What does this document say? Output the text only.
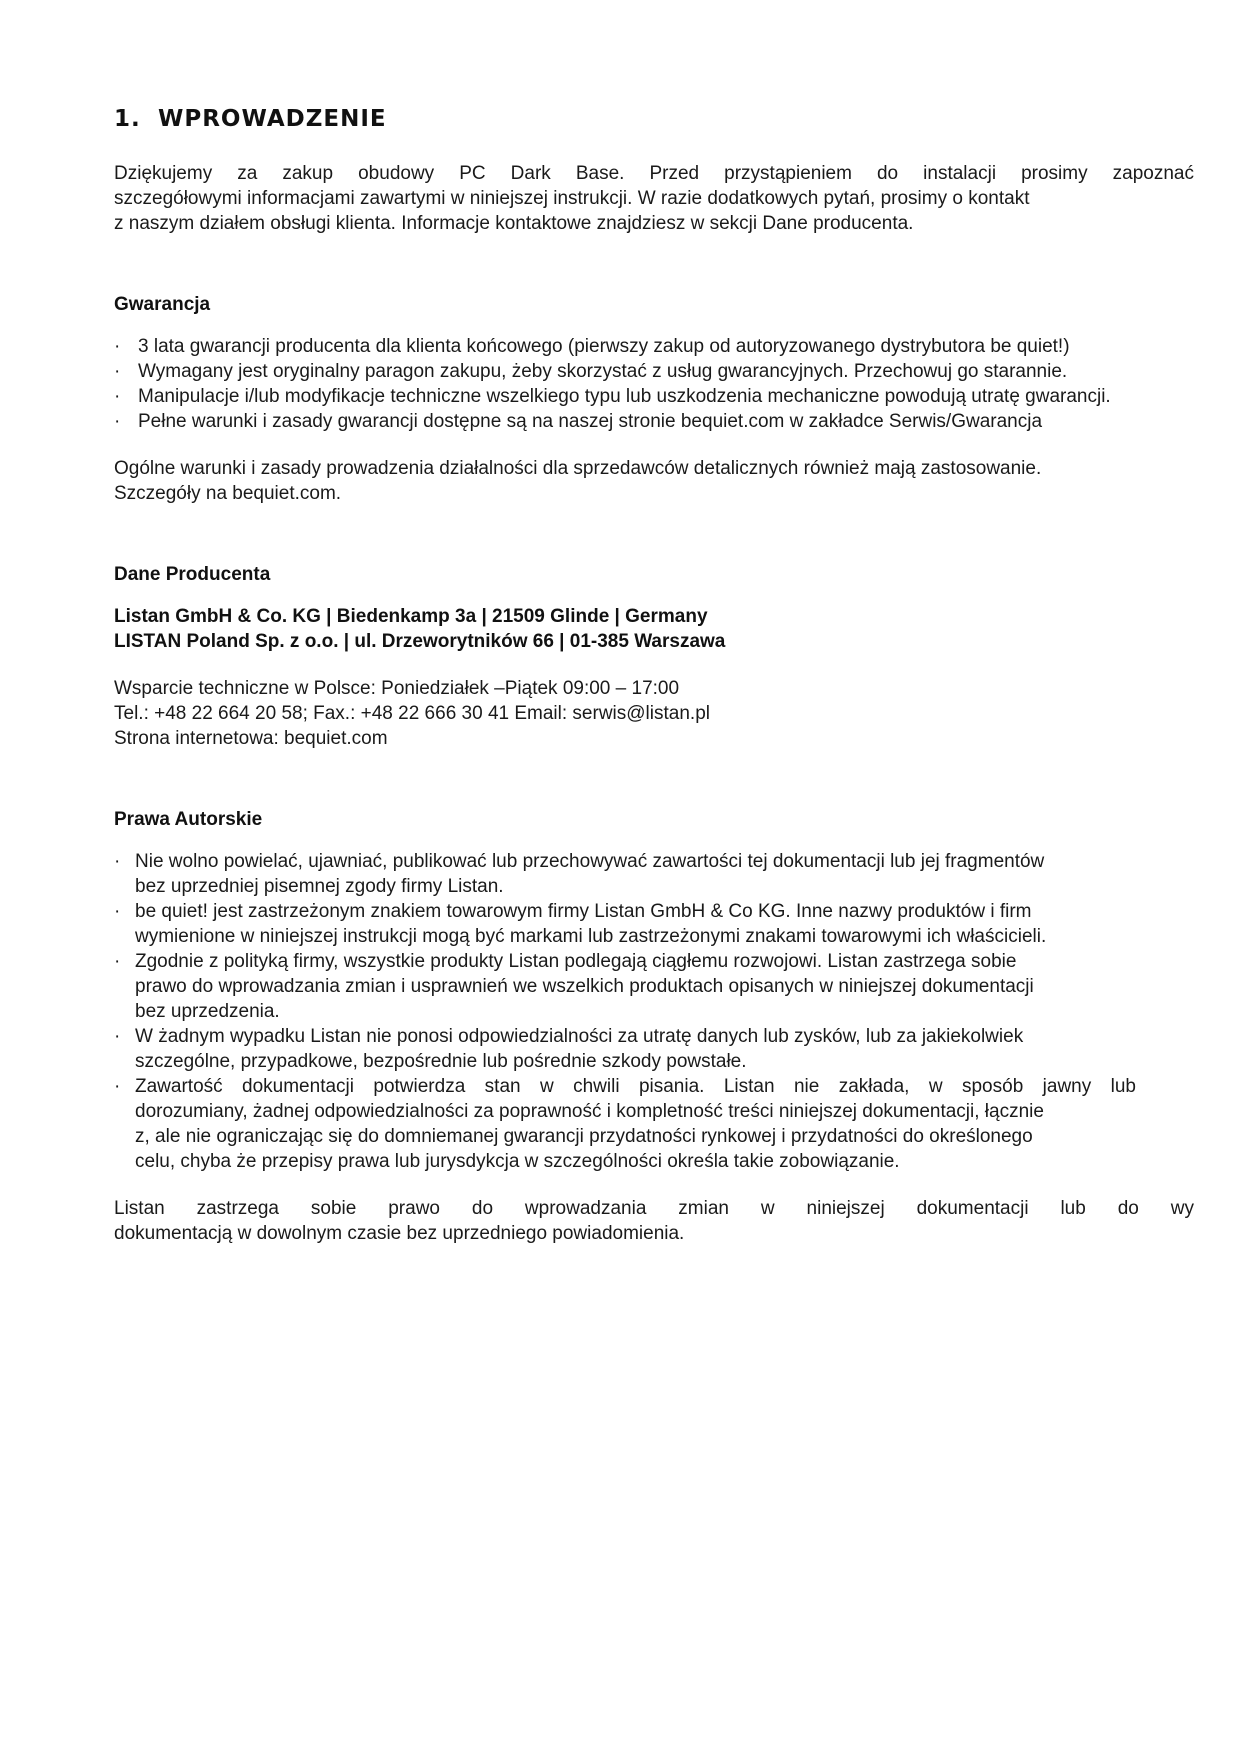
1. WPROWADZENIE

Dziękujemy za zakup obudowy PC Dark Base. Przed przystąpieniem do instalacji prosimy zapoznać

szczegółowymi informacjami zawartymi w niniejszej instrukcji. W razie dodatkowych pytań, prosimy o kontakt

z naszym działem obsługi klienta. Informacje kontaktowe znajdziesz w sekcji Dane producenta.

Gwarancja

· 3 lata gwarancji producenta dla klienta końcowego (pierwszy zakup od autoryzowanego dystrybutora be quiet!)
· Wymagany jest oryginalny paragon zakupu, żeby skorzystać z usług gwarancyjnych. Przechowuj go starannie.
· Manipulacje i/lub modyfikacje techniczne wszelkiego typu lub uszkodzenia mechaniczne powodują utratę gwarancji.
· Pełne warunki i zasady gwarancji dostępne są na naszej stronie bequiet.com w zakładce Serwis/Gwarancja

Ogólne warunki i zasady prowadzenia działalności dla sprzedawców detalicznych również mają zastosowanie.

Szczegóły na bequiet.com.

Dane Producenta

Listan GmbH & Co. KG | Biedenkamp 3a | 21509 Glinde | Germany

LISTAN Poland Sp. z o.o. | ul. Drzeworytników 66 | 01-385 Warszawa

Wsparcie techniczne w Polsce: Poniedziałek –Piątek 09:00 – 17:00

Tel.: +48 22 664 20 58; Fax.: +48 22 666 30 41 Email: serwis@listan.pl

Strona internetowa: bequiet.com

Prawa Autorskie

· Nie wolno powielać, ujawniać, publikować lub przechowywać zawartości tej dokumentacji lub jej fragmentów
bez uprzedniej pisemnej zgody firmy Listan.
· be quiet! jest zastrzeżonym znakiem towarowym firmy Listan GmbH & Co KG. Inne nazwy produktów i firm
wymienione w niniejszej instrukcji mogą być markami lub zastrzeżonymi znakami towarowymi ich właścicieli.
· Zgodnie z polityką firmy, wszystkie produkty Listan podlegają ciągłemu rozwojowi. Listan zastrzega sobie
prawo do wprowadzania zmian i usprawnień we wszelkich produktach opisanych w niniejszej dokumentacji
bez uprzedzenia.
· W żadnym wypadku Listan nie ponosi odpowiedzialności za utratę danych lub zysków, lub za jakiekolwiek
szczególne, przypadkowe, bezpośrednie lub pośrednie szkody powstałe.
· Zawartość dokumentacji potwierdza stan w chwili pisania. Listan nie zakłada, w sposób jawny lub
dorozumiany, żadnej odpowiedzialności za poprawność i kompletność treści niniejszej dokumentacji, łącznie
z, ale nie ograniczając się do domniemanej gwarancji przydatności rynkowej i przydatności do określonego
celu, chyba że przepisy prawa lub jurysdykcja w szczególności określa takie zobowiązanie.

Listan zastrzega sobie prawo do wprowadzania zmian w niniejszej dokumentacji lub do wy

dokumentacją w dowolnym czasie bez uprzedniego powiadomienia.
